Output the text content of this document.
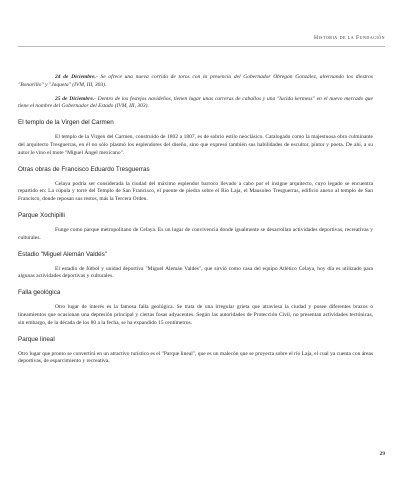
Historia de la Fundación

24 de Diciembre.- Se ofrece una nueva corrida de toros con la presencia del Gobernador Obregón González, alternando los diestros "Bonarillo" y "Jaqueta" (IVM, III, 303).

25 de Diciembre.- Dentro de los festejos navideños, tienen lugar unas carreras de caballos y una "lucida kermess" en el nuevo mercado que tiene el nombre del Gobernador del Estado (IVM, III, 303).

El templo de la Virgen del Carmen

El templo de la Virgen del Carmen, construido de 1802 a 1807, es de sobrio estilo neoclásico. Catalogado como la majestuosa obra culminante del arquitecto Tresguerras, en él no sólo plasmó los esplendores del diseño, sino que expresó también sus habilidades de escultor, pintor y poeta. De ahí, a su autor le vino el mote "Miguel Ángel mexicano".

Otras obras de Francisco Eduardo Tresguerras

Celaya podría ser considerada la ciudad del máximo esplendor barroco llevado a cabo por el insigne arquitecto, cuyo legado se encuentra repartido en: La cúpula y torre del Templo de San Francisco, el puente de piedra sobre el Río Laja, el Mausoleo Tresguerras, edificio anexo al templo de San Francisco, donde reposan sus restos, más la Tercera Orden.

Parque Xochipilli

Funge como parque metropolitano de Celaya. Es un lugar de convivencia donde igualmente se desarrollan actividades deportivas, recreativas y culturales.

Estadio "Miguel Alemán Valdés"

El estadio de fútbol y unidad deportiva "Miguel Alemán Valdés", que sirvió como casa del equipo Atlético Celaya, hoy día es utilizado para algunas actividades deportivas y culturales.

Falla geológica

Otro lugar de interés es la famosa falla geológica. Se trata de una irregular grieta que atraviesa la ciudad y posee diferentes brazos o lineamientos que ocasionan una depresión principal y ciertas fosas adyacentes. Según las autoridades de Protección Civil, no presentan actividades tectónicas, sin embargo, de la década de los 80 a la fecha, se ha expandido 15 centímetros.

Parque lineal

Otro lugar que pronto se convertirá en un atractivo turístico es el "Parque lineal", que es un malecón que se proyecta sobre el río Laja, el cual ya cuenta con áreas deportivas, de esparcimiento y recreativa.

29
